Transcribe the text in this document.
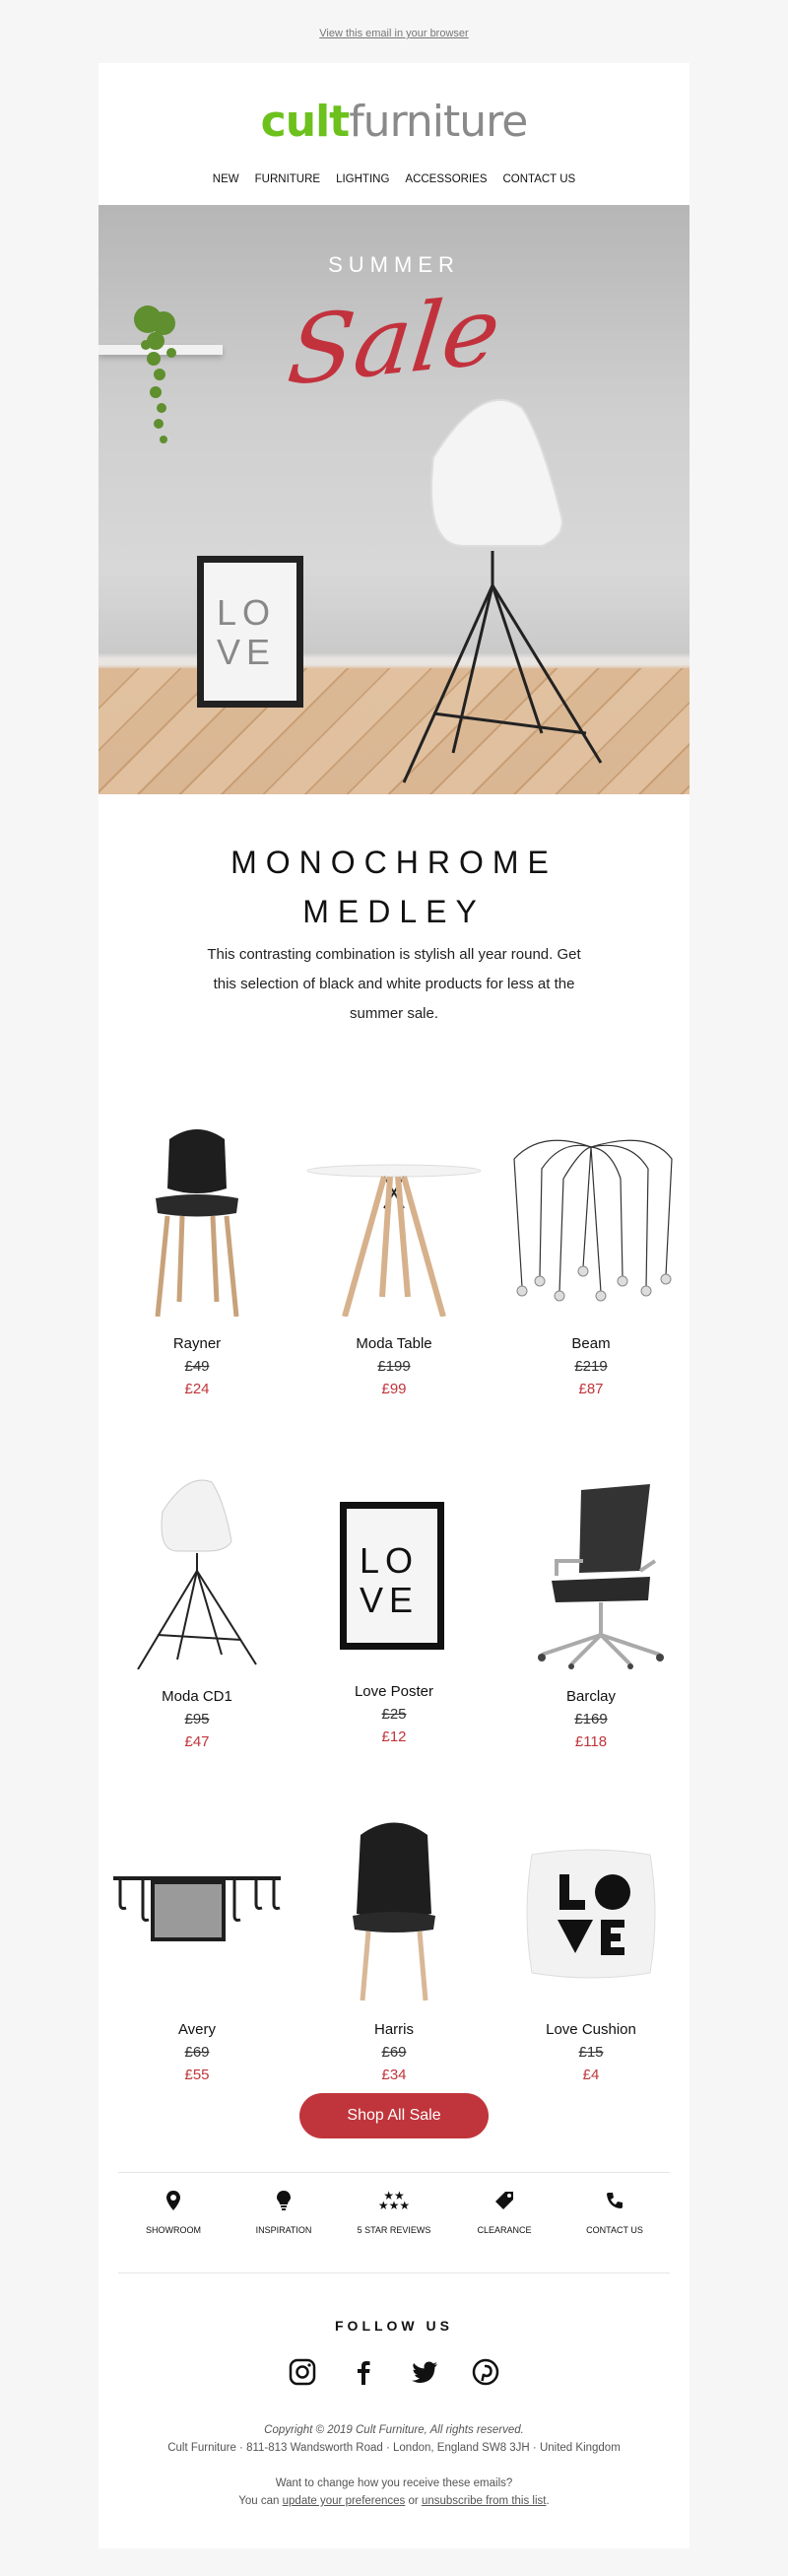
View this email in your browser
cultfurniture
NEW FURNITURE LIGHTING ACCESSORIES CONTACT US
LO
VE
SUMMER
Sale
MONOCHROME
MEDLEY
This contrasting combination is stylish all year round. Get this selection of black and white products for less at the summer sale.
Rayner
£49
£24
Moda Table
£199
£99
Beam
£219
£87
Moda CD1
£95
£47
LO
VE
Love Poster
£25
£12
Barclay
£169
£118
Avery
£69
£55
Harris
£69
£34
Love Cushion
£15
£4
Shop All Sale
SHOWROOM	INSPIRATION
★★
★★★
5 STAR REVIEWS	CLEARANCE	CONTACT US
FOLLOW US
Copyright © 2019 Cult Furniture, All rights reserved.
Cult Furniture · 811-813 Wandsworth Road · London, England SW8 3JH · United Kingdom
Want to change how you receive these emails?
You can update your preferences or unsubscribe from this list.
